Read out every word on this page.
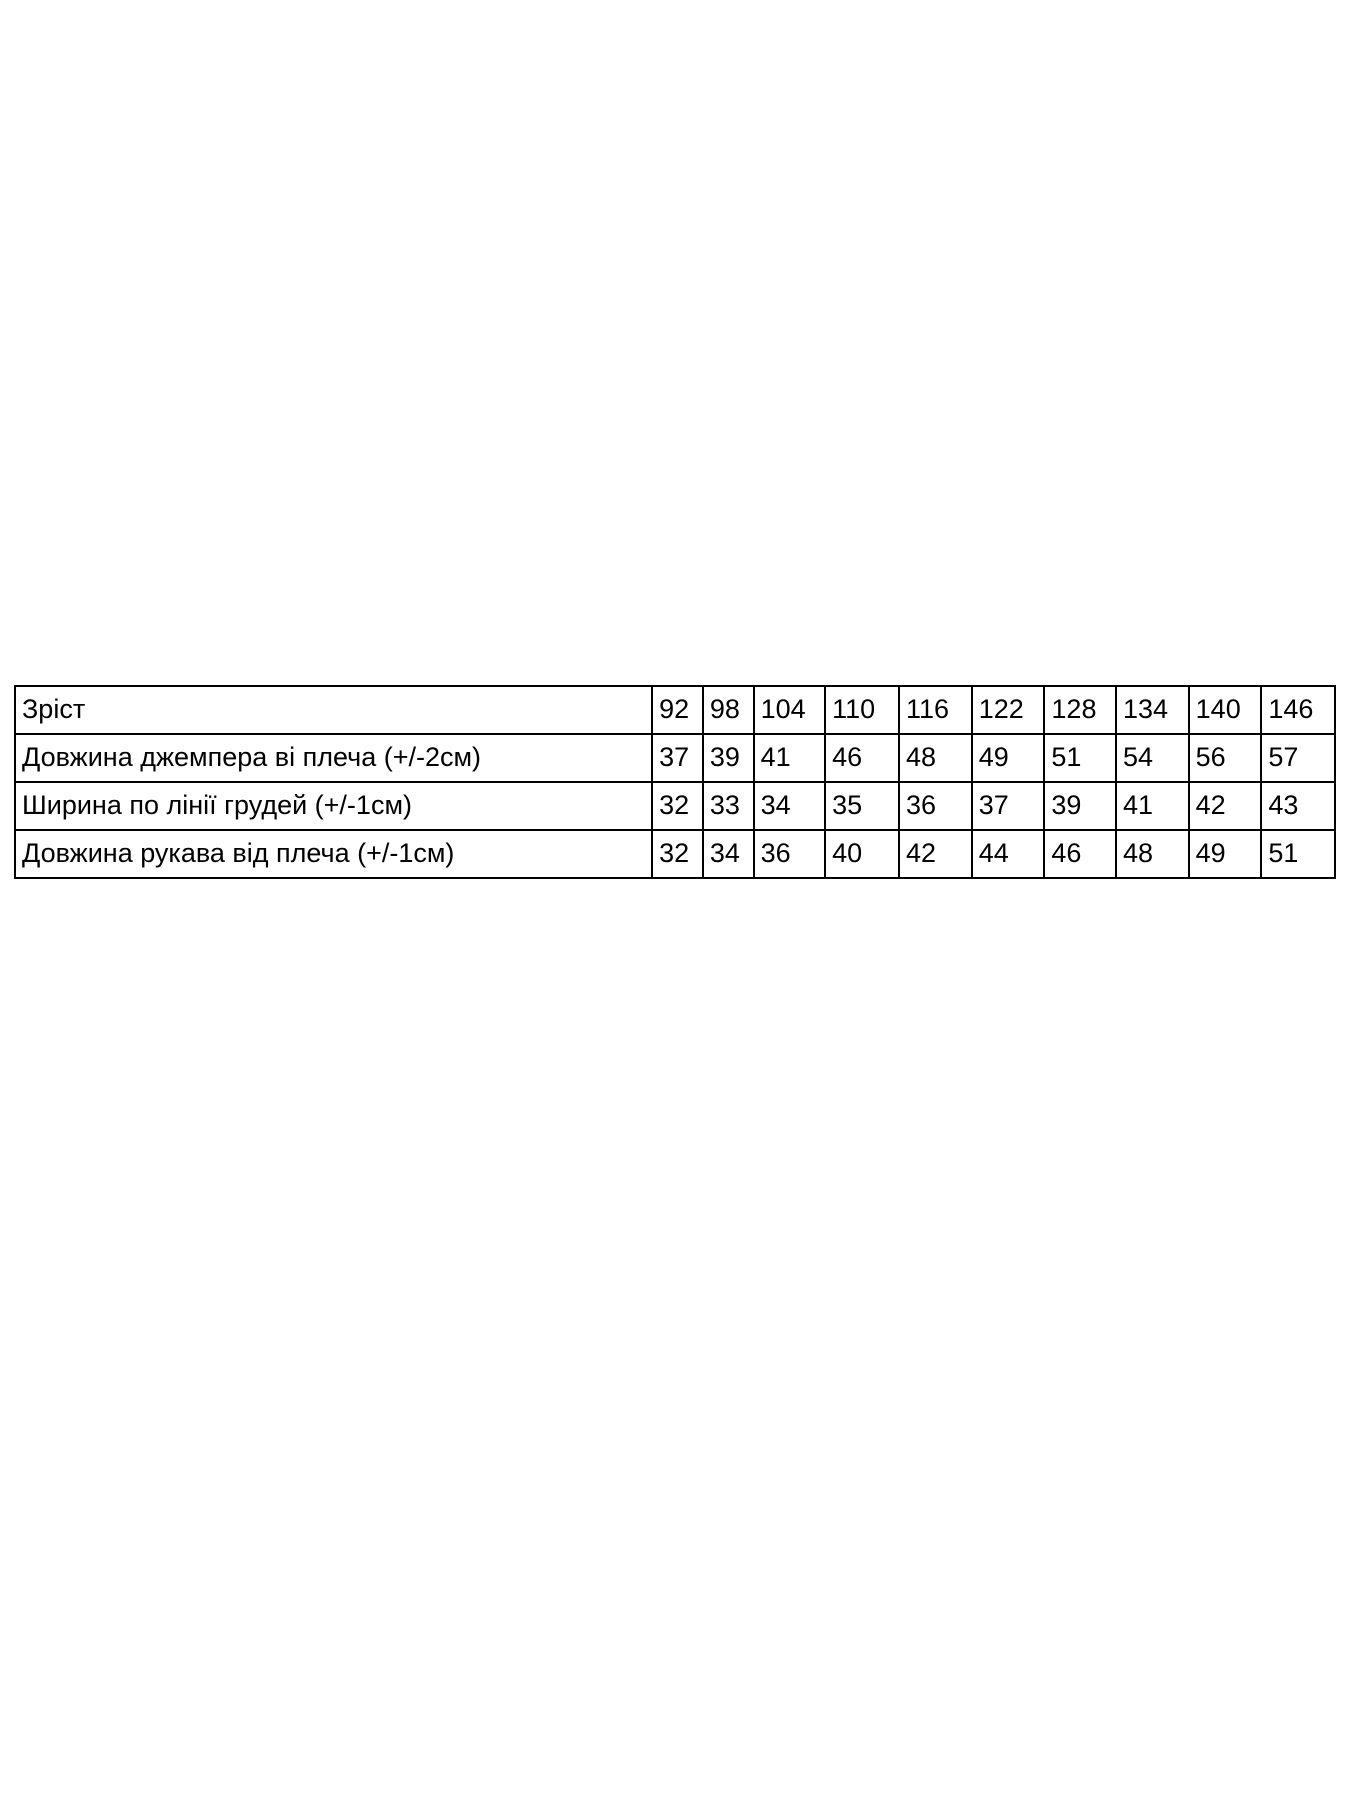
Зріст	92	98	104	110	116	122	128	134	140	146
Довжина джемпера ві плеча (+/-2см)	37	39	41	46	48	49	51	54	56	57
Ширина по лінії грудей (+/-1см)	32	33	34	35	36	37	39	41	42	43
Довжина рукава від плеча (+/-1см)	32	34	36	40	42	44	46	48	49	51
